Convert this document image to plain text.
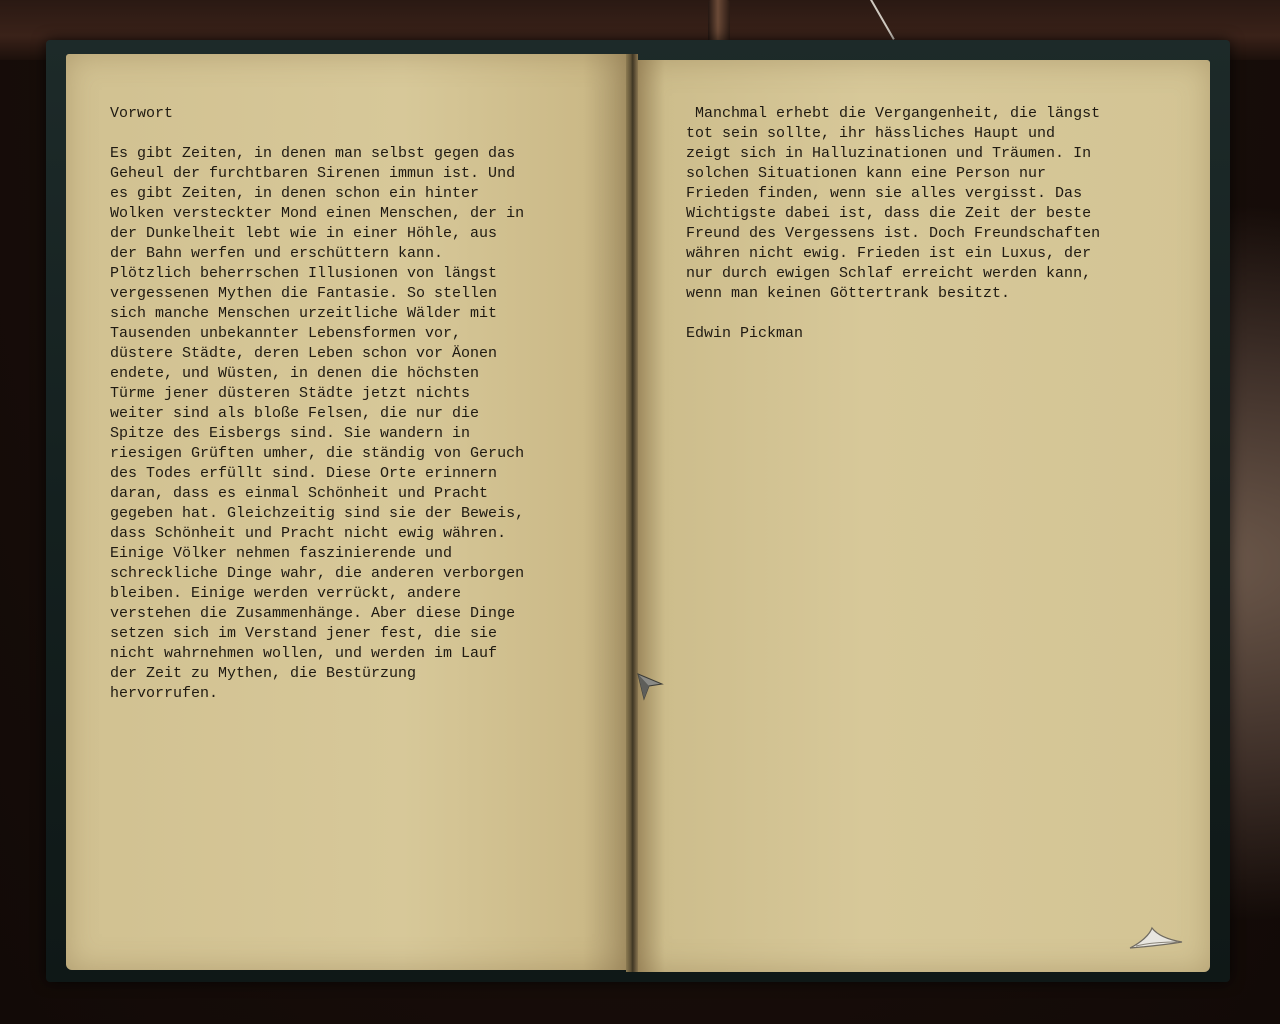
Vorwort

Es gibt Zeiten, in denen man selbst gegen das
Geheul der furchtbaren Sirenen immun ist. Und
es gibt Zeiten, in denen schon ein hinter
Wolken versteckter Mond einen Menschen, der in
der Dunkelheit lebt wie in einer Höhle, aus
der Bahn werfen und erschüttern kann.
Plötzlich beherrschen Illusionen von längst
vergessenen Mythen die Fantasie. So stellen
sich manche Menschen urzeitliche Wälder mit
Tausenden unbekannter Lebensformen vor,
düstere Städte, deren Leben schon vor Äonen
endete, und Wüsten, in denen die höchsten
Türme jener düsteren Städte jetzt nichts
weiter sind als bloße Felsen, die nur die
Spitze des Eisbergs sind. Sie wandern in
riesigen Grüften umher, die ständig von Geruch
des Todes erfüllt sind. Diese Orte erinnern
daran, dass es einmal Schönheit und Pracht
gegeben hat. Gleichzeitig sind sie der Beweis,
dass Schönheit und Pracht nicht ewig währen.
Einige Völker nehmen faszinierende und
schreckliche Dinge wahr, die anderen verborgen
bleiben. Einige werden verrückt, andere
verstehen die Zusammenhänge. Aber diese Dinge
setzen sich im Verstand jener fest, die sie
nicht wahrnehmen wollen, und werden im Lauf
der Zeit zu Mythen, die Bestürzung
hervorrufen.
Manchmal erhebt die Vergangenheit, die längst
tot sein sollte, ihr hässliches Haupt und
zeigt sich in Halluzinationen und Träumen. In
solchen Situationen kann eine Person nur
Frieden finden, wenn sie alles vergisst. Das
Wichtigste dabei ist, dass die Zeit der beste
Freund des Vergessens ist. Doch Freundschaften
währen nicht ewig. Frieden ist ein Luxus, der
nur durch ewigen Schlaf erreicht werden kann,
wenn man keinen Göttertrank besitzt.

Edwin Pickman
